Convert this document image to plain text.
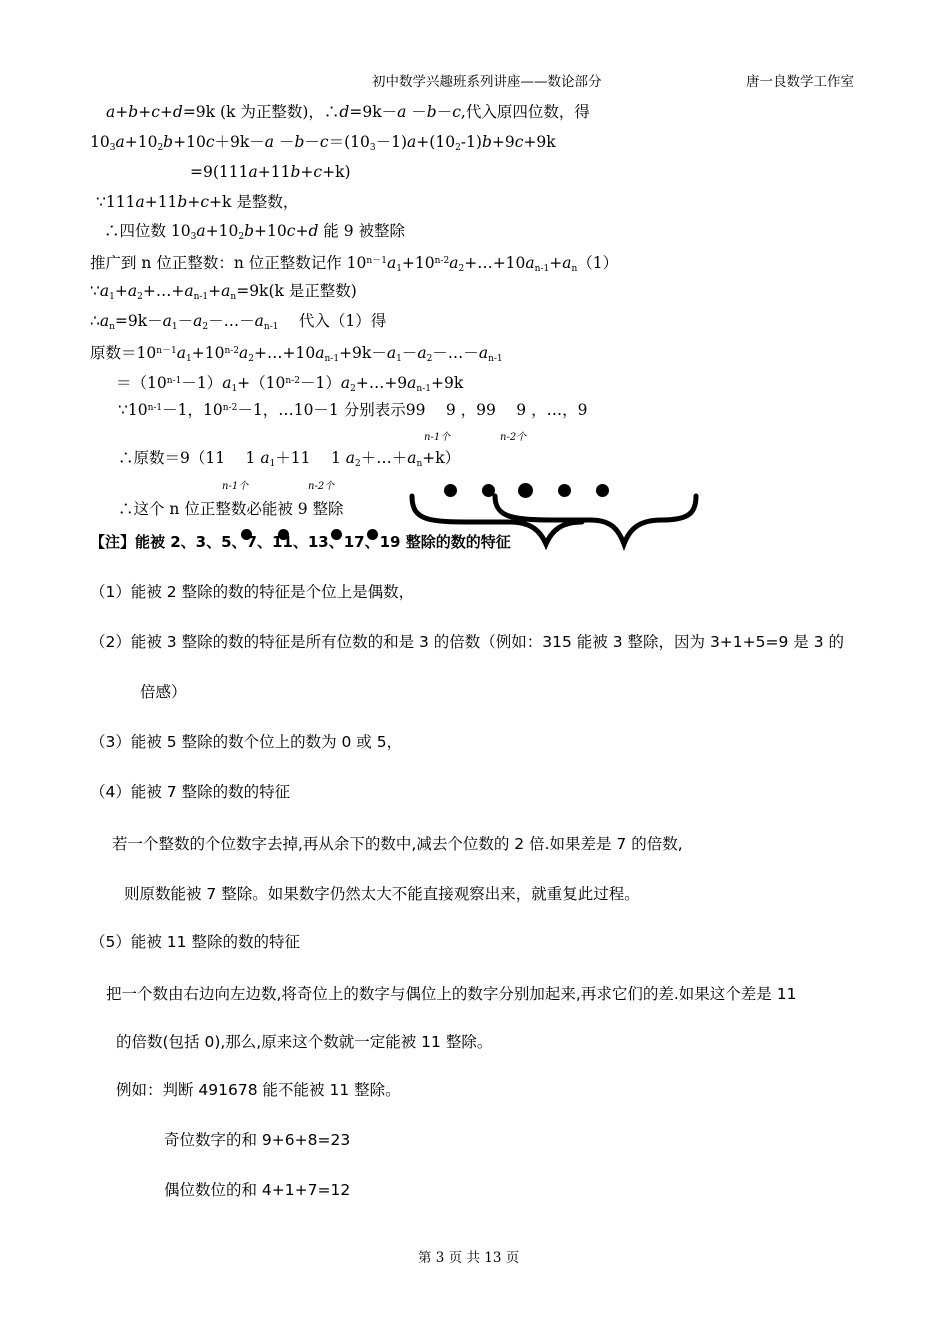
初中数学兴趣班系列讲座——数论部分	唐一良数学工作室
a+b+c+d=9k (k 为正整数)，∴d=9k－a －b－c,代入原四位数，得
$10_3a+10_2b+10c+9k-a -b-c=(10_3-1)a+(10_2-1)b+9c+9k$
=9(111a+11b+c+k)
∵111a+11b+c+k 是整数，
∴四位数 $10_3a+10_2b+10c+d$ 能 9 被整除
推广到 n 位正整数：n 位正整数记作 $10^{n-1}a_1+10^{n-2}a_2+\dots+10a_{n-1}+a_n(1)$
$\because a_1+a_2+\dots+a_{n-1}+a_n=9k(k$ 是正整数)
$\therefore a_n=9k-a_1-a_2-\dots-a_{n-1}$　 代入（1）得
原数$=10^{n-1}a_1+10^{n-2}a_2+\dots+10a_{n-1}+9k-a_1-a_2-\dots-a_{n-1}$
$=(10^{n-1}-1)a_1+(10^{n-2}-1)a_2+\dots+9a_{n-1}+9k$
$\because 10^{n-1}-1$，$10^{n-2}-1$，…10－1 分别表示99　 9 ，99　 9 ，…，9
n-1个	n-2个
∴原数＝9（11　 1 $a_1+11$　 1 $a_2+\dots+a_n+k$）
n-1个	n-2个
∴这个 n 位正整数必能被 9 整除
【注】能被 2、3、5、7、11、13、17、19 整除的数的特征
（1）能被 2 整除的数的特征是个位上是偶数，
（2）能被 3 整除的数的特征是所有位数的和是 3 的倍数（例如：315 能被 3 整除，因为 3+1+5=9 是 3 的
倍感）
（3）能被 5 整除的数个位上的数为 0 或 5，
（4）能被 7 整除的数的特征
若一个整数的个位数字去掉,再从余下的数中,减去个位数的 2 倍.如果差是 7 的倍数,
则原数能被 7 整除。如果数字仍然太大不能直接观察出来，就重复此过程。
（5）能被 11 整除的数的特征
把一个数由右边向左边数,将奇位上的数字与偶位上的数字分别加起来,再求它们的差.如果这个差是 11
的倍数(包括 0),那么,原来这个数就一定能被 11 整除。
例如：判断 491678 能不能被 11 整除。
奇位数字的和 9+6+8=23
偶位数位的和 4+1+7=12
第 3 页 共 13 页
